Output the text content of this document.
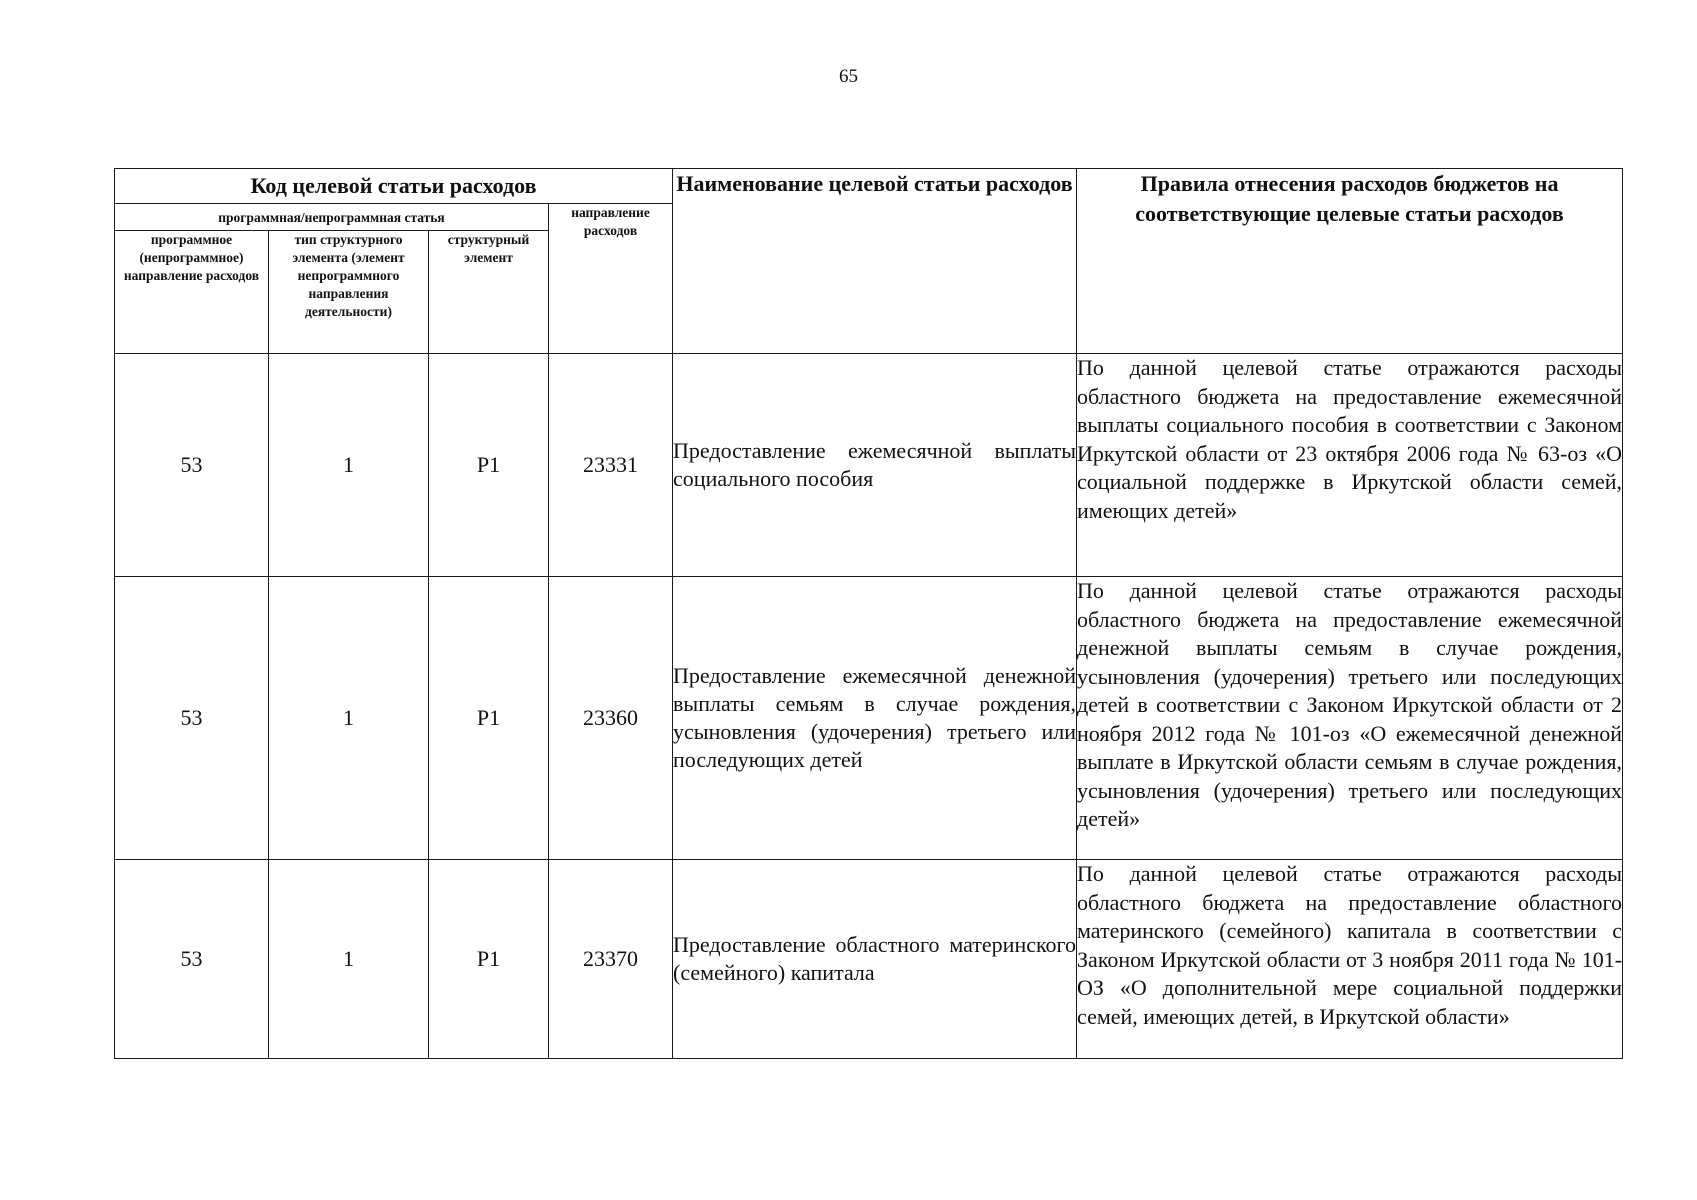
65
Код целевой статьи расходов				Наименование целевой статьи расходов	Правила отнесения расходов бюджетов на соответствующие целевые статьи расходов
программная/непрограммная статья			направление расходов		
программное (непрограммное) направление расходов	тип структурного элемента (элемент непрограммного направления деятельности)	структурный элемент			
53	1	Р1	23331	Предоставление ежемесячной выплаты социального пособия	По данной целевой статье отражаются расходы областного бюджета на предоставление ежемесячной выплаты социального пособия в соответствии с Законом Иркутской области от 23 октября 2006 года № 63-оз «О социальной поддержке в Иркутской области семей, имеющих детей»
53	1	Р1	23360	Предоставление ежемесячной денежной выплаты семьям в случае рождения, усыновления (удочерения) третьего или последующих детей	По данной целевой статье отражаются расходы областного бюджета на предоставление ежемесячной денежной выплаты семьям в случае рождения, усыновления (удочерения) третьего или последующих детей в соответствии с Законом Иркутской области от 2 ноября 2012 года № 101-оз «О ежемесячной денежной выплате в Иркутской области семьям в случае рождения, усыновления (удочерения) третьего или последующих детей»
53	1	Р1	23370	Предоставление областного материнского (семейного) капитала	По данной целевой статье отражаются расходы областного бюджета на предоставление областного материнского (семейного) капитала в соответствии с Законом Иркутской области от 3 ноября 2011 года № 101-ОЗ «О дополнительной мере социальной поддержки семей, имеющих детей, в Иркутской области»
